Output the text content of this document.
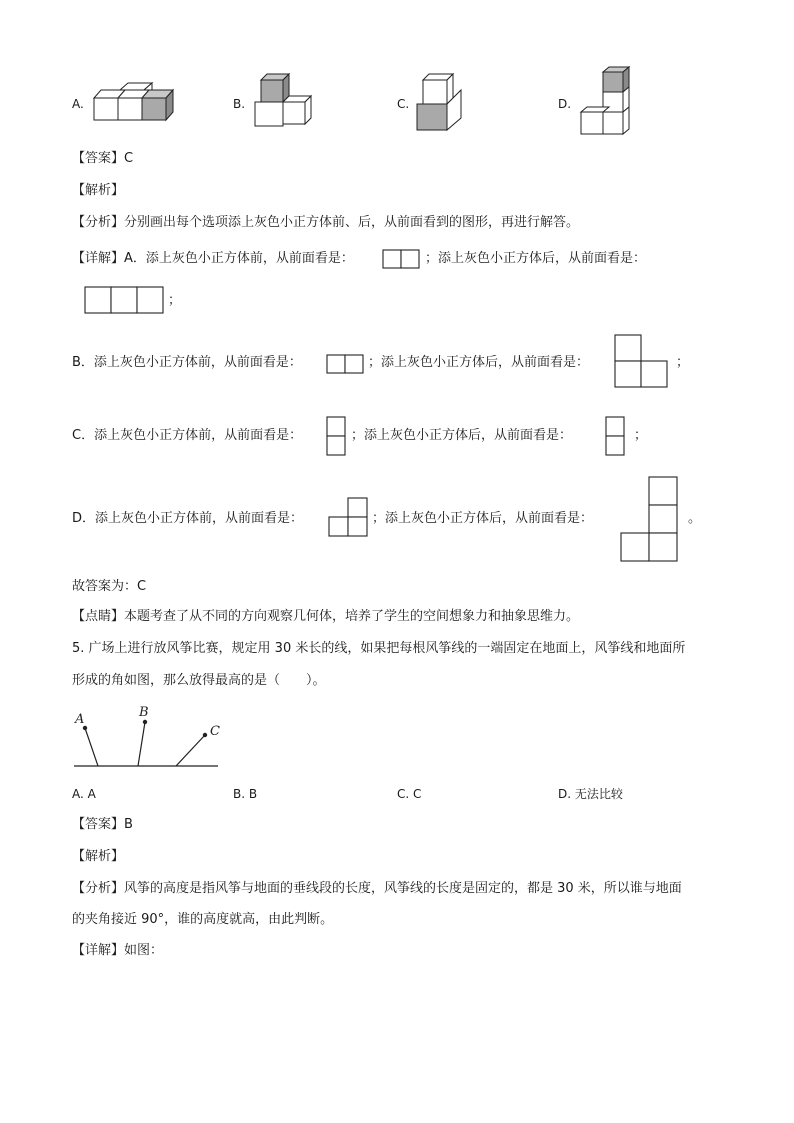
A.	B.	C.	D.
【答案】C
【解析】
【分析】分别画出每个选项添上灰色小正方体前、后，从前面看到的图形，再进行解答。
【详解】A．添上灰色小正方体前，从前面看是：	；添上灰色小正方体后，从前面看是：
；
B．添上灰色小正方体前，从前面看是：	；添上灰色小正方体后，从前面看是：	；
C．添上灰色小正方体前，从前面看是：	；添上灰色小正方体后，从前面看是：	；
D．添上灰色小正方体前，从前面看是：	；添上灰色小正方体后，从前面看是：	。
故答案为：C
【点睛】本题考查了从不同的方向观察几何体，培养了学生的空间想象力和抽象思维力。
5. 广场上进行放风筝比赛，规定用 30 米长的线，如果把每根风筝线的一端固定在地面上，风筝线和地面所
形成的角如图，那么放得最高的是（　　）。
A	B
C
A. A	B. B	C. C	D. 无法比较
【答案】B
【解析】
【分析】风筝的高度是指风筝与地面的垂线段的长度，风筝线的长度是固定的，都是 30 米，所以谁与地面
的夹角接近 90°，谁的高度就高，由此判断。
【详解】如图：
